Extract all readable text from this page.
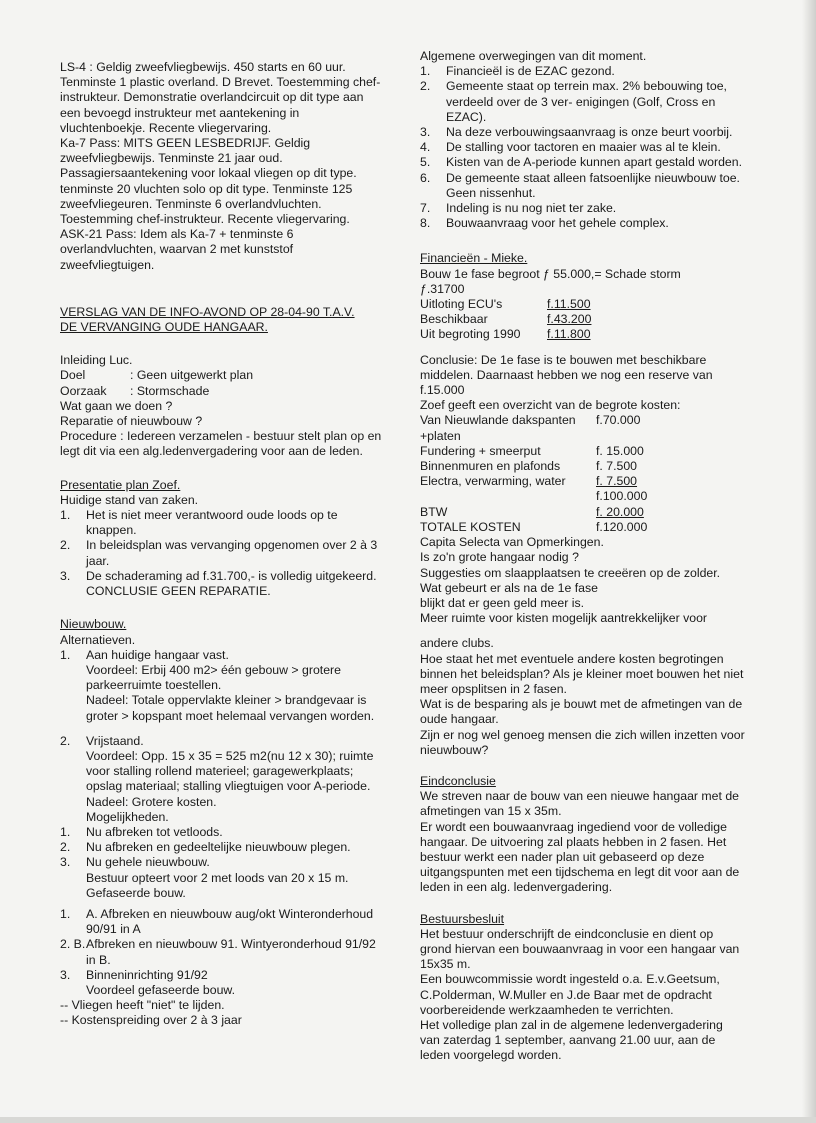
LS-4 : Geldig zweefvliegbewijs. 450 starts en 60 uur. Tenminste 1 plastic overland. D Brevet. Toestemming chef-instrukteur. Demonstratie overlandcircuit op dit type aan een bevoegd instrukteur met aantekening in vluchtenboekje. Recente vliegervaring.

Ka-7 Pass: MITS GEEN LESBEDRIJF. Geldig zweefvliegbewijs. Tenminste 21 jaar oud. Passagiersaantekening voor lokaal vliegen op dit type. tenminste 20 vluchten solo op dit type. Tenminste 125 zweefvliegeuren. Tenminste 6 overlandvluchten. Toestemming chef-instrukteur. Recente vliegervaring.

ASK-21 Pass: Idem als Ka-7 + tenminste 6 overlandvluchten, waarvan 2 met kunststof zweefvliegtuigen.

VERSLAG VAN DE INFO-AVOND OP 28-04-90 T.A.V.

DE VERVANGING OUDE HANGAAR.

Inleiding Luc.

Doel	: Geen uitgewerkt plan
Oorzaak	: Stormschade

Wat gaan we doen ?

Reparatie of nieuwbouw ?

Procedure : Iedereen verzamelen - bestuur stelt plan op en legt dit via een alg.ledenvergadering voor aan de leden.

Presentatie plan Zoef.

Huidige stand van zaken.

1.	Het is niet meer verantwoord oude loods op te knappen.
2.	In beleidsplan was vervanging opgenomen over 2 à 3 jaar.
3.	De schaderaming ad f.31.700,- is volledig uitgekeerd.

CONCLUSIE GEEN REPARATIE.

Nieuwbouw.

Alternatieven.

1.	Aan huidige hangaar vast.

Voordeel: Erbij 400 m2> één gebouw > grotere parkeerruimte toestellen.

Nadeel: Totale oppervlakte kleiner > brandgevaar is groter > kopspant moet helemaal vervangen worden.

2.	Vrijstaand.

Voordeel: Opp. 15 x 35 = 525 m2(nu 12 x 30); ruimte voor stalling rollend materieel; garagewerkplaats; opslag materiaal; stalling vliegtuigen voor A-periode.

Nadeel: Grotere kosten.

Mogelijkheden.

1.	Nu afbreken tot vetloods.
2.	Nu afbreken en gedeeltelijke nieuwbouw plegen.
3.	Nu gehele nieuwbouw.

Bestuur opteert voor 2 met loods van 20 x 15 m.

Gefaseerde bouw.

1.	A. Afbreken en nieuwbouw aug/okt Winteronderhoud 90/91 in A
2. B. Afbreken en nieuwbouw 91. Wintyeronderhoud 91/92 in B.
3.	Binneninrichting 91/92

Voordeel gefaseerde bouw.

-- Vliegen heeft "niet" te lijden.

-- Kostenspreiding over 2 à 3 jaar

Algemene overwegingen van dit moment.

1.	Financieël is de EZAC gezond.
2.	Gemeente staat op terrein max. 2% bebouwing toe, verdeeld over de 3 ver- enigingen (Golf, Cross en EZAC).
3.	Na deze verbouwingsaanvraag is onze beurt voorbij.
4.	De stalling voor tactoren en maaier was al te klein.
5.	Kisten van de A-periode kunnen apart gestald worden.
6.	De gemeente staat alleen fatsoenlijke nieuwbouw toe. Geen nissenhut.
7.	Indeling is nu nog niet ter zake.
8.	Bouwaanvraag voor het gehele complex.

Financieën - Mieke.

Bouw 1e fase begroot ƒ 55.000,= Schade storm

ƒ.31700

Uitloting ECU's	f.11.500
Beschikbaar	f.43.200
Uit begroting 1990	f.11.800

Conclusie: De 1e fase is te bouwen met beschikbare middelen. Daarnaast hebben we nog een reserve van f.15.000

Zoef geeft een overzicht van de begrote kosten:

Van Nieuwlande dakspanten +platen
f.70.000
Fundering + smeerput	f. 15.000
Binnenmuren en plafonds	f. 7.500
Electra, verwarming, water	f. 7.500
f.100.000
BTW	f. 20.000
TOTALE KOSTEN	f.120.000

Capita Selecta van Opmerkingen.

Is zo'n grote hangaar nodig ?

Suggesties om slaapplaatsen te creeëren op de zolder.

Wat gebeurt er als na de 1e fase

blijkt dat er geen geld meer is.

Meer ruimte voor kisten mogelijk aantrekkelijker voor

andere clubs.

Hoe staat het met eventuele andere kosten begrotingen binnen het beleidsplan? Als je kleiner moet bouwen het niet meer opsplitsen in 2 fasen.

Wat is de besparing als je bouwt met de afmetingen van de oude hangaar.

Zijn er nog wel genoeg mensen die zich willen inzetten voor nieuwbouw?

Eindconclusie

We streven naar de bouw van een nieuwe hangaar met de afmetingen van 15 x 35m.

Er wordt een bouwaanvraag ingediend voor de volledige hangaar. De uitvoering zal plaats hebben in 2 fasen. Het bestuur werkt een nader plan uit gebaseerd op deze uitgangspunten met een tijdschema en legt dit voor aan de leden in een alg. ledenvergadering.

Bestuursbesluit

Het bestuur onderschrijft de eindconclusie en dient op grond hiervan een bouwaanvraag in voor een hangaar van 15x35 m.

Een bouwcommissie wordt ingesteld o.a. E.v.Geetsum, C.Polderman, W.Muller en J.de Baar met de opdracht voorbereidende werkzaamheden te verrichten.

Het volledige plan zal in de algemene ledenvergadering van zaterdag 1 september, aanvang 21.00 uur, aan de leden voorgelegd worden.
